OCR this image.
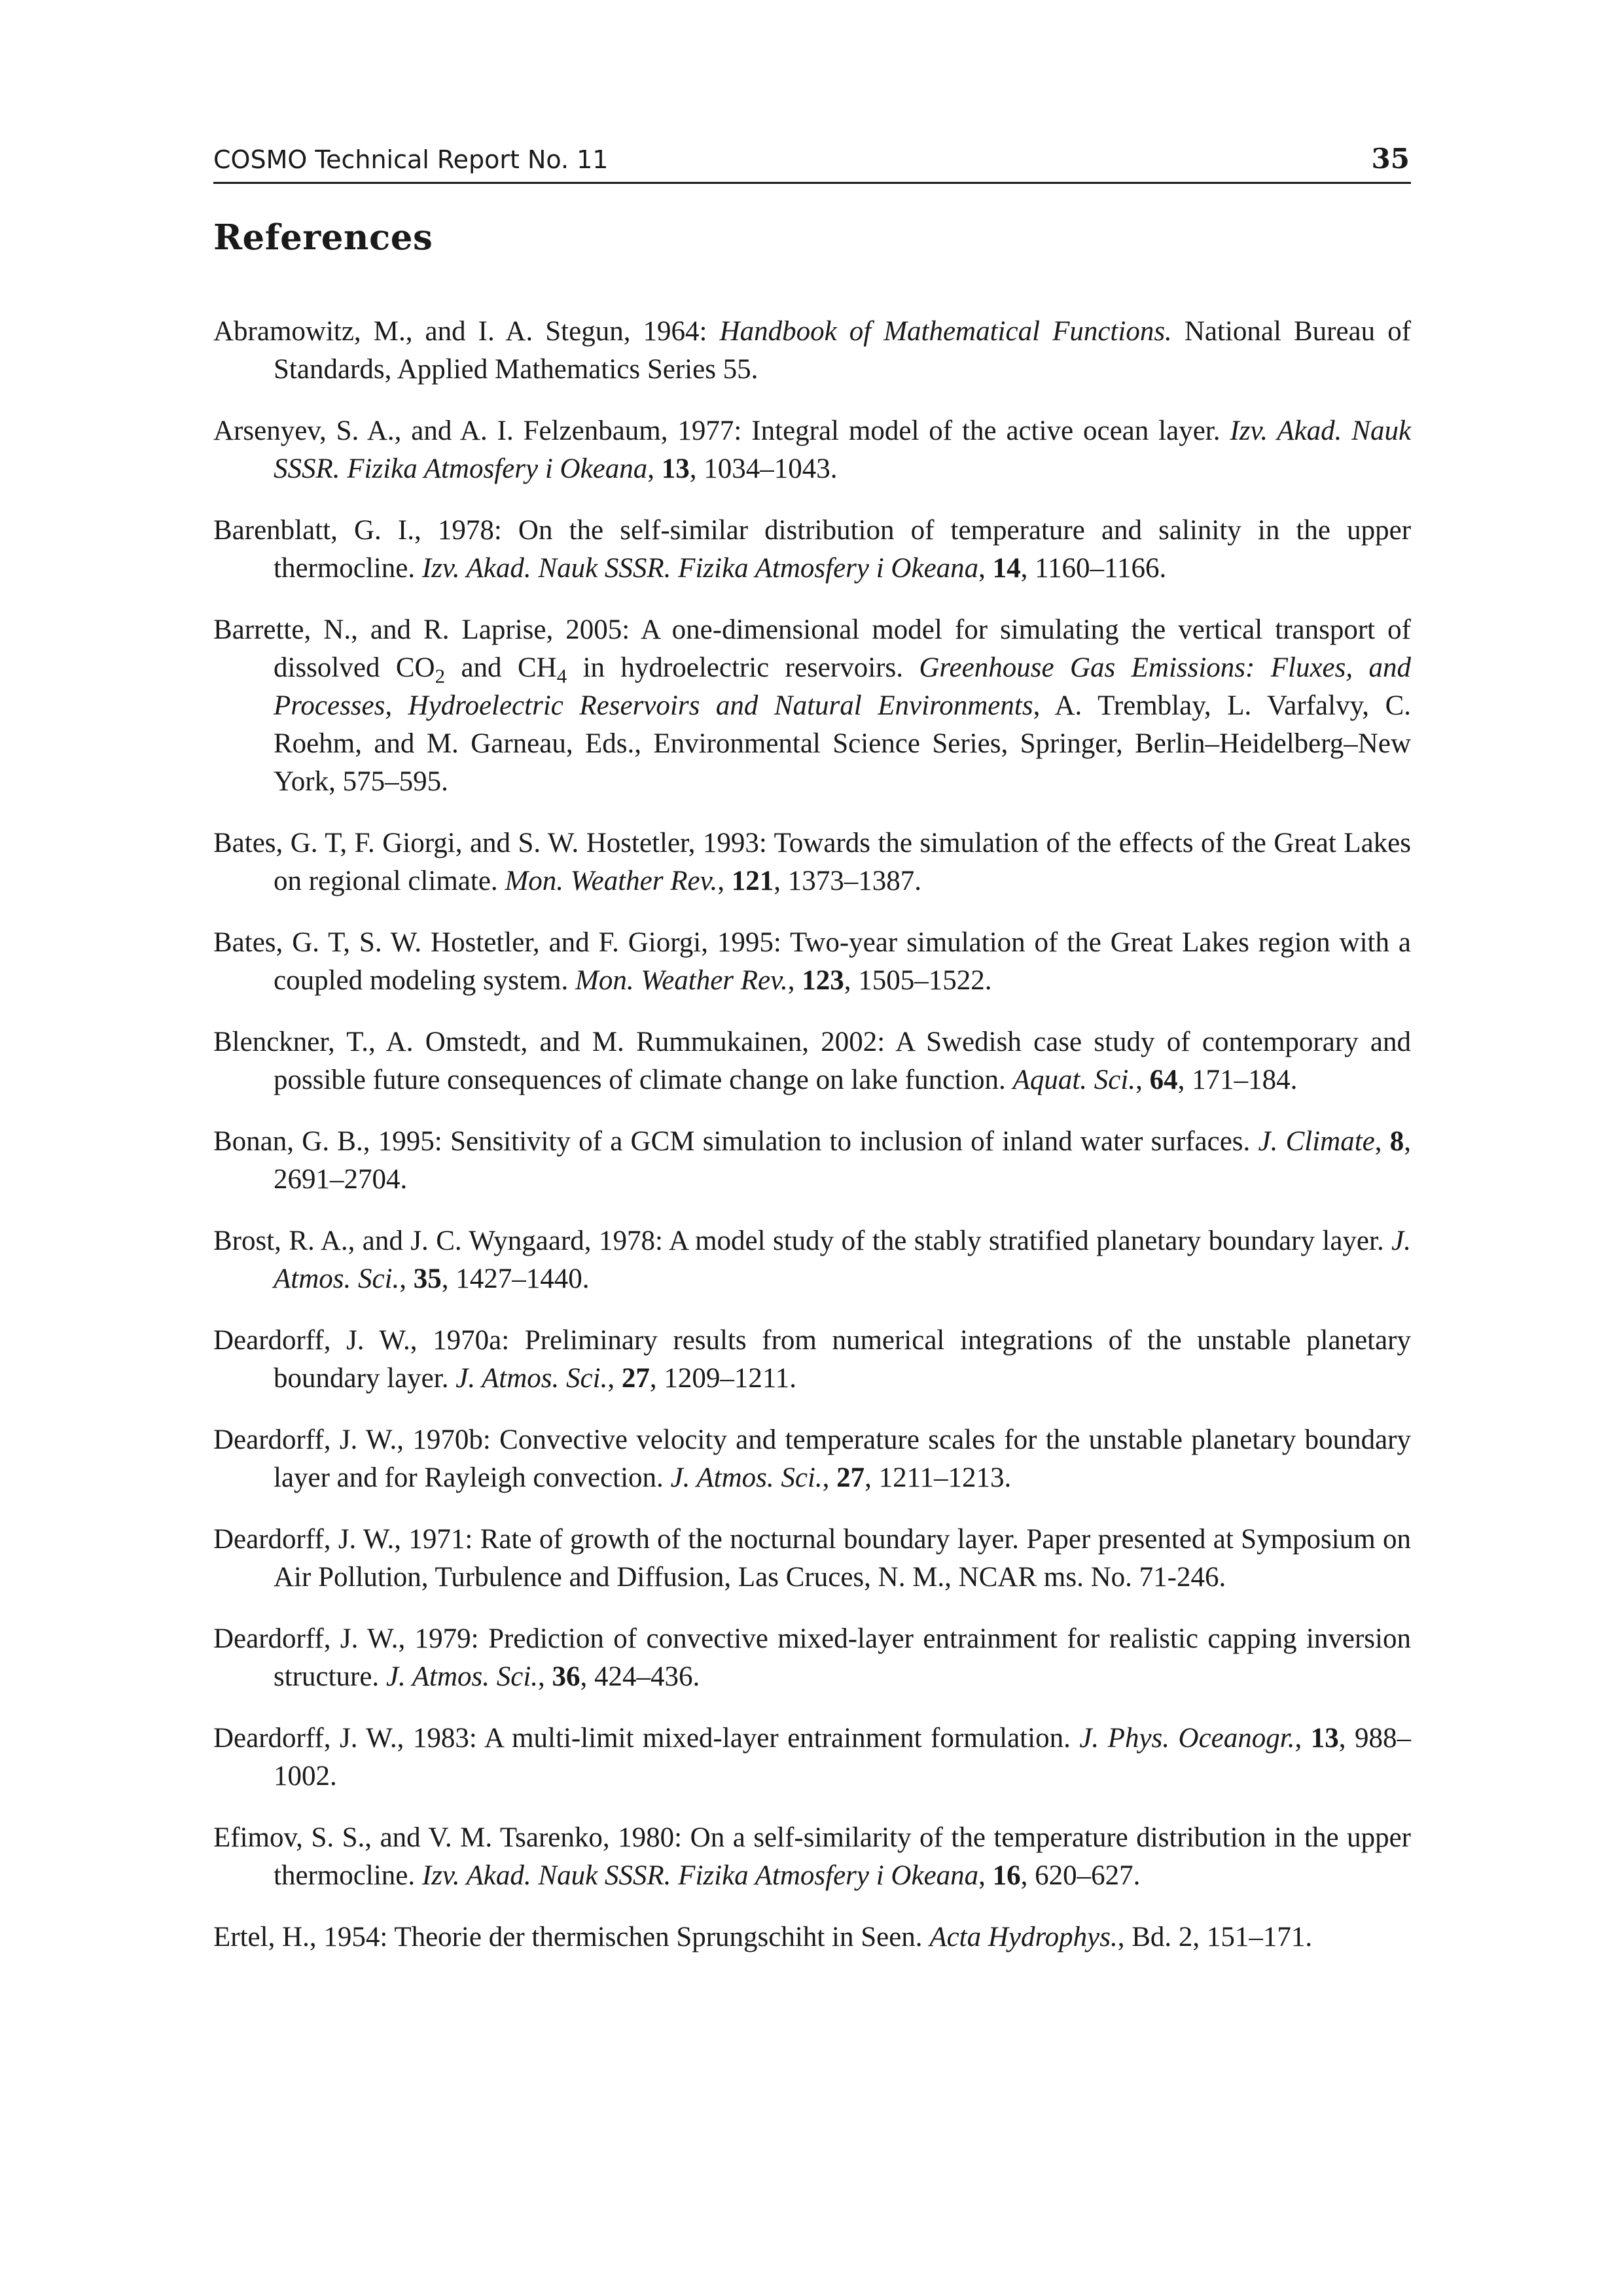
COSMO Technical Report No. 11	35
References
Abramowitz, M., and I. A. Stegun, 1964: Handbook of Mathematical Functions. National Bureau of Standards, Applied Mathematics Series 55.
Arsenyev, S. A., and A. I. Felzenbaum, 1977: Integral model of the active ocean layer. Izv. Akad. Nauk SSSR. Fizika Atmosfery i Okeana, 13, 1034–1043.
Barenblatt, G. I., 1978: On the self-similar distribution of temperature and salinity in the upper thermocline. Izv. Akad. Nauk SSSR. Fizika Atmosfery i Okeana, 14, 1160–1166.
Barrette, N., and R. Laprise, 2005: A one-dimensional model for simulating the vertical transport of dissolved $CO_2$ and $CH_4$ in hydroelectric reservoirs. Greenhouse Gas Emissions: Fluxes, and Processes, Hydroelectric Reservoirs and Natural Environments, A. Tremblay, L. Varfalvy, C. Roehm, and M. Garneau, Eds., Environmental Science Series, Springer, Berlin–Heidelberg–New York, 575–595.
Bates, G. T, F. Giorgi, and S. W. Hostetler, 1993: Towards the simulation of the effects of the Great Lakes on regional climate. Mon. Weather Rev., 121, 1373–1387.
Bates, G. T, S. W. Hostetler, and F. Giorgi, 1995: Two-year simulation of the Great Lakes region with a coupled modeling system. Mon. Weather Rev., 123, 1505–1522.
Blenckner, T., A. Omstedt, and M. Rummukainen, 2002: A Swedish case study of contemporary and possible future consequences of climate change on lake function. Aquat. Sci., 64, 171–184.
Bonan, G. B., 1995: Sensitivity of a GCM simulation to inclusion of inland water surfaces. J. Climate, 8, 2691–2704.
Brost, R. A., and J. C. Wyngaard, 1978: A model study of the stably stratified planetary boundary layer. J. Atmos. Sci., 35, 1427–1440.
Deardorff, J. W., 1970a: Preliminary results from numerical integrations of the unstable planetary boundary layer. J. Atmos. Sci., 27, 1209–1211.
Deardorff, J. W., 1970b: Convective velocity and temperature scales for the unstable planetary boundary layer and for Rayleigh convection. J. Atmos. Sci., 27, 1211–1213.
Deardorff, J. W., 1971: Rate of growth of the nocturnal boundary layer. Paper presented at Symposium on Air Pollution, Turbulence and Diffusion, Las Cruces, N. M., NCAR ms. No. 71-246.
Deardorff, J. W., 1979: Prediction of convective mixed-layer entrainment for realistic capping inversion structure. J. Atmos. Sci., 36, 424–436.
Deardorff, J. W., 1983: A multi-limit mixed-layer entrainment formulation. J. Phys. Oceanogr., 13, 988–1002.
Efimov, S. S., and V. M. Tsarenko, 1980: On a self-similarity of the temperature distribution in the upper thermocline. Izv. Akad. Nauk SSSR. Fizika Atmosfery i Okeana, 16, 620–627.
Ertel, H., 1954: Theorie der thermischen Sprungschiht in Seen. Acta Hydrophys., Bd. 2, 151–171.
